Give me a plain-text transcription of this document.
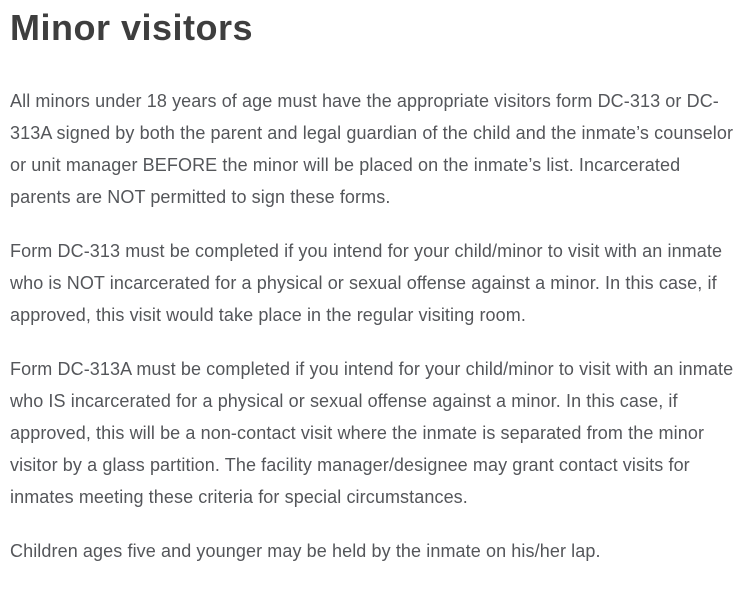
Minor visitors

All minors under 18 years of age must have the appropriate visitors form DC-313 or DC-313A signed by both the parent and legal guardian of the child and the inmate’s counselor or unit manager BEFORE the minor will be placed on the inmate’s list. Incarcerated parents are NOT permitted to sign these forms.

Form DC-313 must be completed if you intend for your child/minor to visit with an inmate who is NOT incarcerated for a physical or sexual offense against a minor. In this case, if approved, this visit would take place in the regular visiting room.

Form DC-313A must be completed if you intend for your child/minor to visit with an inmate who IS incarcerated for a physical or sexual offense against a minor. In this case, if approved, this will be a non-contact visit where the inmate is separated from the minor visitor by a glass partition. The facility manager/designee may grant contact visits for inmates meeting these criteria for special circumstances.

Children ages five and younger may be held by the inmate on his/her lap.
